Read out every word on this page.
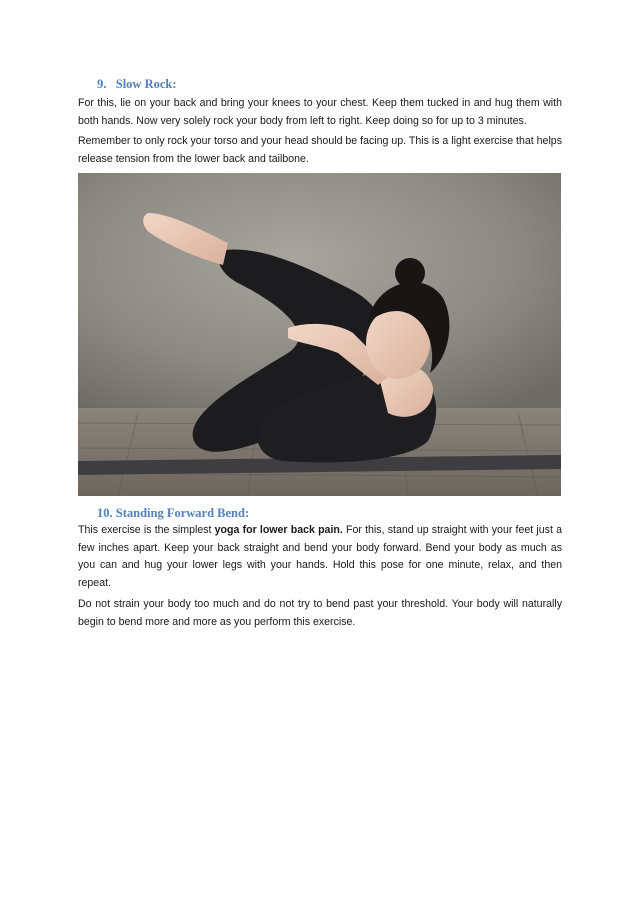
9. Slow Rock:

For this, lie on your back and bring your knees to your chest. Keep them tucked in and hug them with both hands. Now very solely rock your body from left to right. Keep doing so for up to 3 minutes.

Remember to only rock your torso and your head should be facing up. This is a light exercise that helps release tension from the lower back and tailbone.

10. Standing Forward Bend:

This exercise is the simplest yoga for lower back pain. For this, stand up straight with your feet just a few inches apart. Keep your back straight and bend your body forward. Bend your body as much as you can and hug your lower legs with your hands. Hold this pose for one minute, relax, and then repeat.

Do not strain your body too much and do not try to bend past your threshold. Your body will naturally begin to bend more and more as you perform this exercise.
